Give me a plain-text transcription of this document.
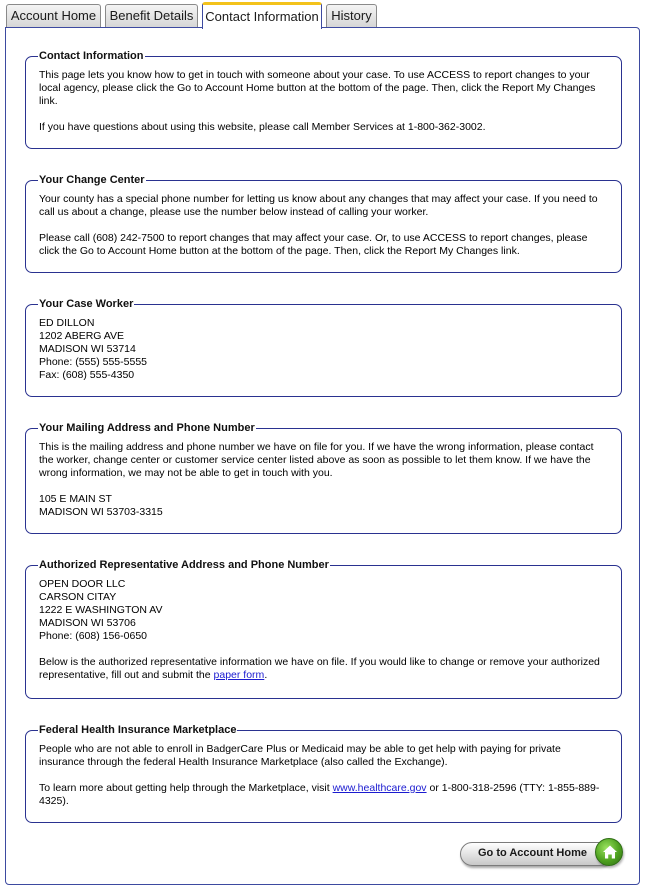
Account Home	Benefit Details Contact Information History
Contact Information

This page lets you know how to get in touch with someone about your case. To use ACCESS to report changes to your local agency, please click the Go to Account Home button at the bottom of the page. Then, click the Report My Changes link.

If you have questions about using this website, please call Member Services at 1-800-362-3002.

Your Change Center

Your county has a special phone number for letting us know about any changes that may affect your case. If you need to call us about a change, please use the number below instead of calling your worker.

Please call (608) 242-7500 to report changes that may affect your case. Or, to use ACCESS to report changes, please click the Go to Account Home button at the bottom of the page. Then, click the Report My Changes link.

Your Case Worker
ED DILLON
1202 ABERG AVE
MADISON WI 53714
Phone: (555) 555-5555
Fax: (608) 555-4350
Your Mailing Address and Phone Number

This is the mailing address and phone number we have on file for you. If we have the wrong information, please contact the worker, change center or customer service center listed above as soon as possible to let them know. If we have the wrong information, we may not be able to get in touch with you.

105 E MAIN ST
MADISON WI 53703-3315
Authorized Representative Address and Phone Number
OPEN DOOR LLC
CARSON CITAY
1222 E WASHINGTON AV
MADISON WI 53706
Phone: (608) 156-0650

Below is the authorized representative information we have on file. If you would like to change or remove your authorized representative, fill out and submit the paper form.

Federal Health Insurance Marketplace

People who are not able to enroll in BadgerCare Plus or Medicaid may be able to get help with paying for private insurance through the federal Health Insurance Marketplace (also called the Exchange).

To learn more about getting help through the Marketplace, visit www.healthcare.gov or 1-800-318-2596 (TTY: 1-855-889-4325).

Go to Account Home
